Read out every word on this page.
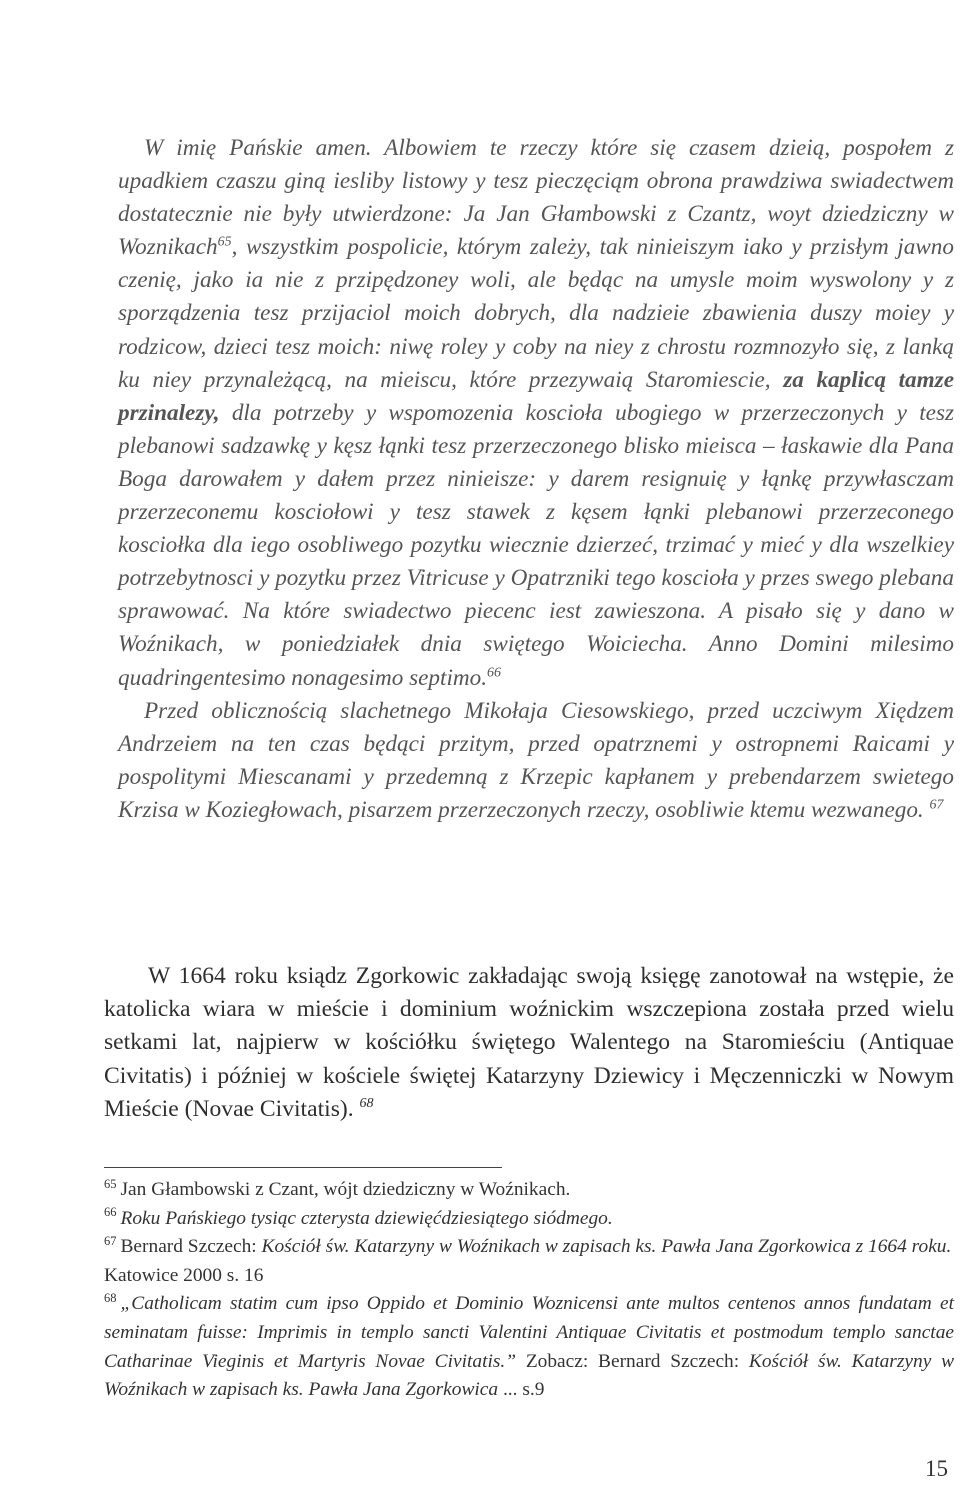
W imię Pańskie amen. Albowiem te rzeczy które się czasem dzieią, pospołem z upadkiem czaszu giną iesliby listowy y tesz pieczęciąm obrona prawdziwa swiadectwem dostatecznie nie były utwierdzone: Ja Jan Głambowski z Czantz, woyt dziedziczny w Woznikach$^{65}$, wszystkim pospolicie, którym zależy, tak ninieiszym iako y przisłym jawno czenię, jako ia nie z przipędzoney woli, ale będąc na umysle moim wyswolony y z sporządzenia tesz przijaciol moich dobrych, dla nadzieie zbawienia duszy moiey y rodzicow, dzieci tesz moich: niwę roley y coby na niey z chrostu rozmnozyło się, z lanką ku niey przynależącą, na mieiscu, które przezywaią Staromiescie, za kaplicą tamze przinalezy, dla potrzeby y wspomozenia koscioła ubogiego w przerzeczonych y tesz plebanowi sadzawkę y kęsz łąnki tesz przerzeczonego blisko mieisca – łaskawie dla Pana Boga darowałem y dałem przez ninieisze: y darem resignuię y łąnkę przywłasczam przerzeconemu kosciołowi y tesz stawek z kęsem łąnki plebanowi przerzeconego kosciołka dla iego osobliwego pozytku wiecznie dzierzeć, trzimać y mieć y dla wszelkiey potrzebytnosci y pozytku przez Vitricuse y Opatrzniki tego koscioła y przes swego plebana sprawować. Na które swiadectwo piecenc iest zawieszona. A pisało się y dano w Woźnikach, w poniedziałek dnia swiętego Woiciecha. Anno Domini milesimo quadringentesimo nonagesimo septimo.$^{66}$

Przed oblicznością slachetnego Mikołaja Ciesowskiego, przed uczciwym Xiędzem Andrzeiem na ten czas będąci przitym, przed opatrznemi y ostropnemi Raicami y pospolitymi Miescanami y przedemną z Krzepic kapłanem y prebendarzem swietego Krzisa w Koziegłowach, pisarzem przerzeczonych rzeczy, osobliwie ktemu wezwanego. $^{67}$

W 1664 roku ksiądz Zgorkowic zakładając swoją księgę zanotował na wstępie, że katolicka wiara w mieście i dominium woźnickim wszczepiona została przed wielu setkami lat, najpierw w kościółku świętego Walentego na Staromieściu (Antiquae Civitatis) i później w kościele świętej Katarzyny Dziewicy i Męczenniczki w Nowym Mieście (Novae Civitatis). $^{68}$

$^{65}$ Jan Głambowski z Czant, wójt dziedziczny w Woźnikach.

$^{66}$ Roku Pańskiego tysiąc czterysta dziewięćdziesiątego siódmego.

$^{67}$ Bernard Szczech: Kościół św. Katarzyny w Woźnikach w zapisach ks. Pawła Jana Zgorkowica z 1664 roku. Katowice 2000 s. 16

$^{68}$ „Catholicam statim cum ipso Oppido et Dominio Woznicensi ante multos centenos annos fundatam et seminatam fuisse: Imprimis in templo sancti Valentini Antiquae Civitatis et postmodum templo sanctae Catharinae Vieginis et Martyris Novae Civitatis.” Zobacz: Bernard Szczech: Kościół św. Katarzyny w Woźnikach w zapisach ks. Pawła Jana Zgorkowica ... s.9

15
